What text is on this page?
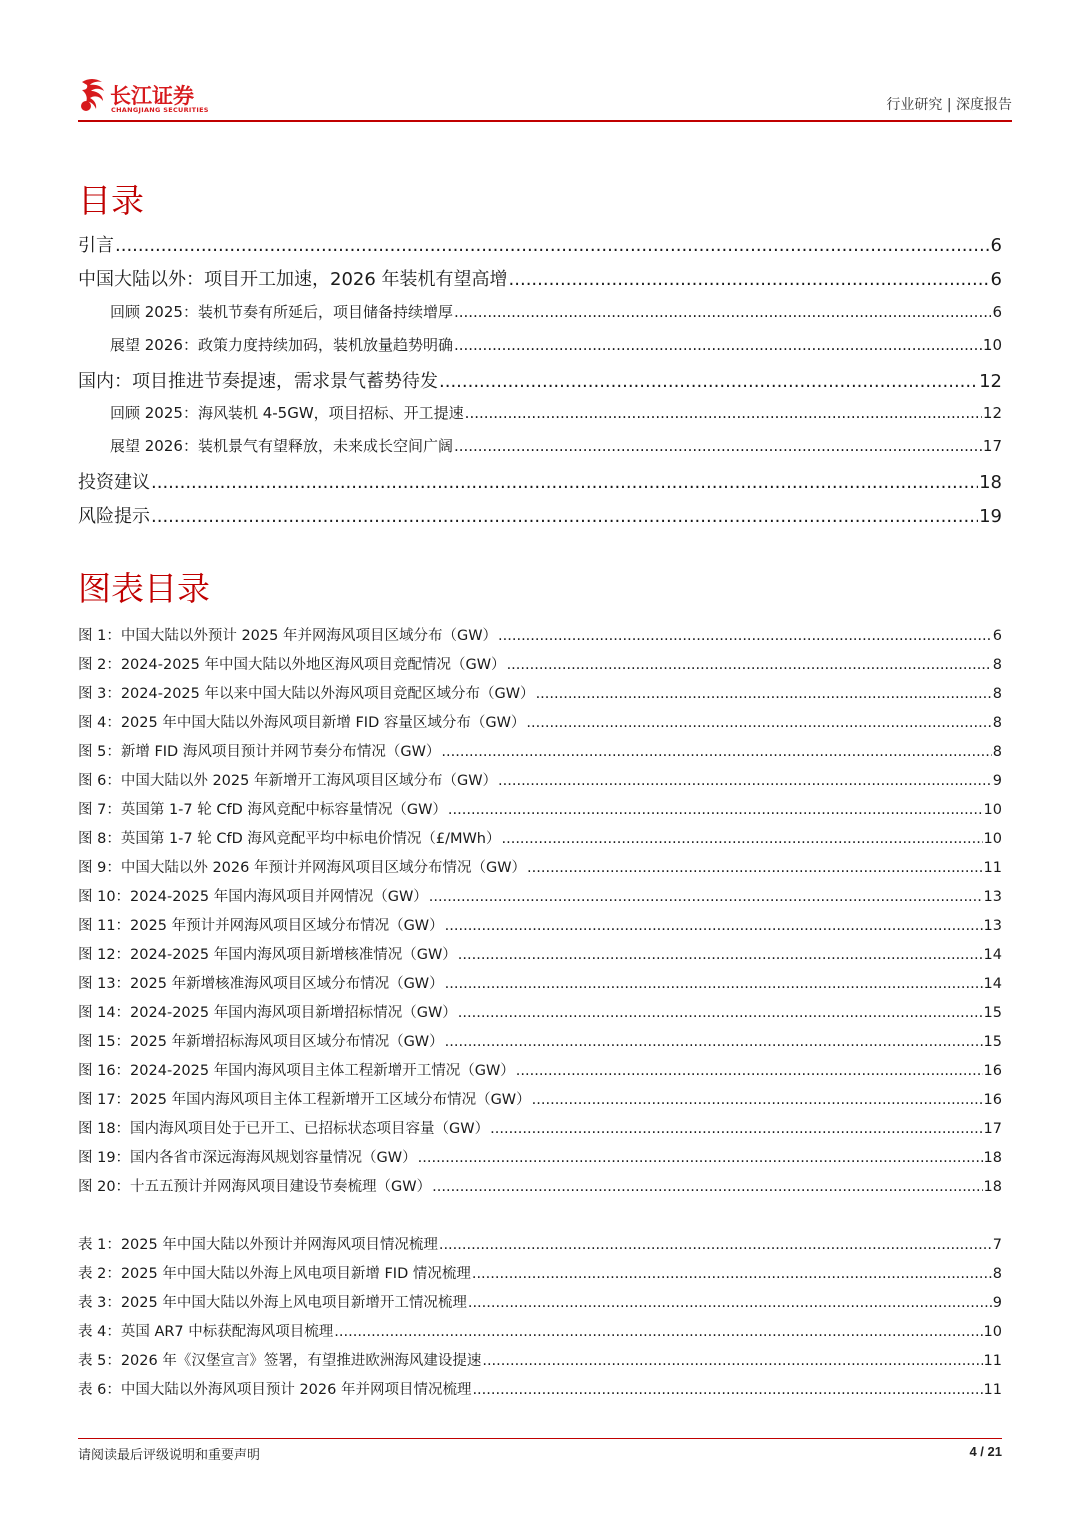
长江证券
CHANGJIANG SECURITIES	行业研究 | 深度报告
目录
引言 .....	6
中国大陆以外：项目开工加速，2026 年装机有望高增 .....	6
回顾 2025：装机节奏有所延后，项目储备持续增厚 .....	6
展望 2026：政策力度持续加码，装机放量趋势明确 .....	10
国内：项目推进节奏提速，需求景气蓄势待发 .....	12
回顾 2025：海风装机 4-5GW，项目招标、开工提速 .....	12
展望 2026：装机景气有望释放，未来成长空间广阔 .....	17
投资建议 .....	18
风险提示 .....	19
图表目录
图 1：中国大陆以外预计 2025 年并网海风项目区域分布（GW） .....	6
图 2：2024-2025 年中国大陆以外地区海风项目竞配情况（GW） .....	8
图 3：2024-2025 年以来中国大陆以外海风项目竞配区域分布（GW） .....	8
图 4：2025 年中国大陆以外海风项目新增 FID 容量区域分布（GW） .....	8
图 5：新增 FID 海风项目预计并网节奏分布情况（GW） .....	8
图 6：中国大陆以外 2025 年新增开工海风项目区域分布（GW） .....	9
图 7：英国第 1-7 轮 CfD 海风竞配中标容量情况（GW） .....	10
图 8：英国第 1-7 轮 CfD 海风竞配平均中标电价情况（£/MWh） .....	10
图 9：中国大陆以外 2026 年预计并网海风项目区域分布情况（GW） .....	11
图 10：2024-2025 年国内海风项目并网情况（GW） .....	13
图 11：2025 年预计并网海风项目区域分布情况（GW） .....	13
图 12：2024-2025 年国内海风项目新增核准情况（GW） .....	14
图 13：2025 年新增核准海风项目区域分布情况（GW） .....	14
图 14：2024-2025 年国内海风项目新增招标情况（GW） .....	15
图 15：2025 年新增招标海风项目区域分布情况（GW） .....	15
图 16：2024-2025 年国内海风项目主体工程新增开工情况（GW） .....	16
图 17：2025 年国内海风项目主体工程新增开工区域分布情况（GW） .....	16
图 18：国内海风项目处于已开工、已招标状态项目容量（GW） .....	17
图 19：国内各省市深远海海风规划容量情况（GW） .....	18
图 20：十五五预计并网海风项目建设节奏梳理（GW） .....	18
表 1：2025 年中国大陆以外预计并网海风项目情况梳理 .....	7
表 2：2025 年中国大陆以外海上风电项目新增 FID 情况梳理 .....	8
表 3：2025 年中国大陆以外海上风电项目新增开工情况梳理 .....	9
表 4：英国 AR7 中标获配海风项目梳理 .....	10
表 5：2026 年《汉堡宣言》签署，有望推进欧洲海风建设提速 .....	11
表 6：中国大陆以外海风项目预计 2026 年并网项目情况梳理 .....	11
请阅读最后评级说明和重要声明	4 / 21
